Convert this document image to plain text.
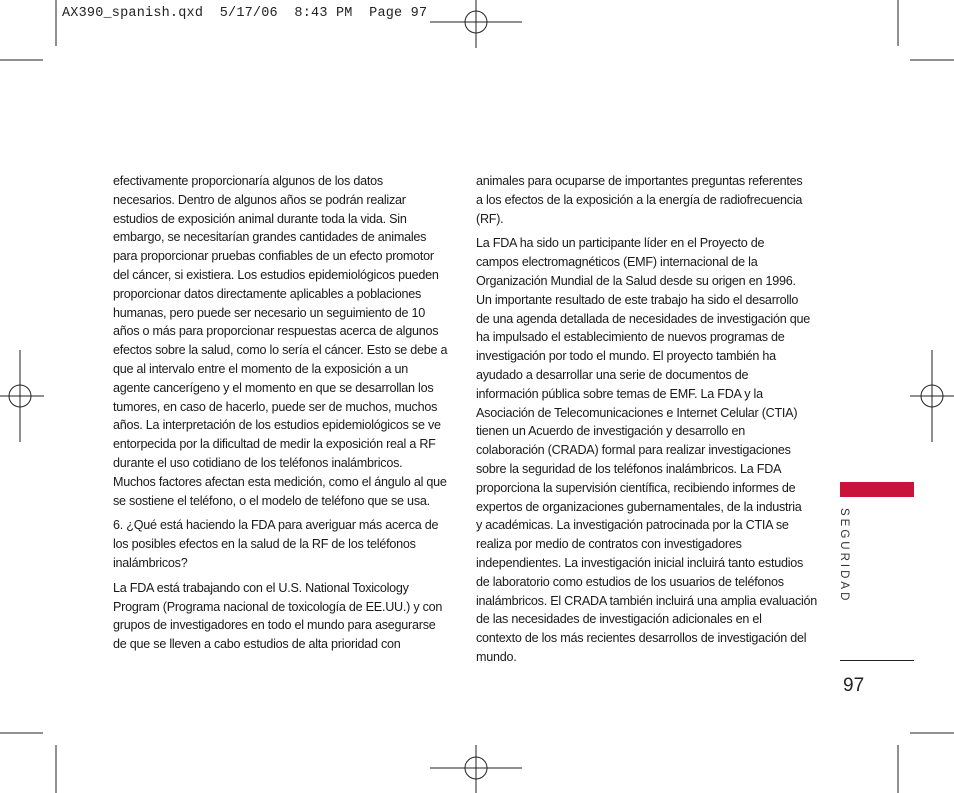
AX390_spanish.qxd  5/17/06  8:43 PM  Page 97

efectivamente proporcionaría algunos de los datos
necesarios. Dentro de algunos años se podrán realizar
estudios de exposición animal durante toda la vida. Sin
embargo, se necesitarían grandes cantidades de animales
para proporcionar pruebas confiables de un efecto promotor
del cáncer, si existiera. Los estudios epidemiológicos pueden
proporcionar datos directamente aplicables a poblaciones
humanas, pero puede ser necesario un seguimiento de 10
años o más para proporcionar respuestas acerca de algunos
efectos sobre la salud, como lo sería el cáncer. Esto se debe a
que al intervalo entre el momento de la exposición a un
agente cancerígeno y el momento en que se desarrollan los
tumores, en caso de hacerlo, puede ser de muchos, muchos
años. La interpretación de los estudios epidemiológicos se ve
entorpecida por la dificultad de medir la exposición real a RF
durante el uso cotidiano de los teléfonos inalámbricos.
Muchos factores afectan esta medición, como el ángulo al que
se sostiene el teléfono, o el modelo de teléfono que se usa.

6. ¿Qué está haciendo la FDA para averiguar más acerca de
los posibles efectos en la salud de la RF de los teléfonos
inalámbricos?

La FDA está trabajando con el U.S. National Toxicology
Program (Programa nacional de toxicología de EE.UU.) y con
grupos de investigadores en todo el mundo para asegurarse
de que se lleven a cabo estudios de alta prioridad con

animales para ocuparse de importantes preguntas referentes
a los efectos de la exposición a la energía de radiofrecuencia
(RF).

La FDA ha sido un participante líder en el Proyecto de
campos electromagnéticos (EMF) internacional de la
Organización Mundial de la Salud desde su origen en 1996.
Un importante resultado de este trabajo ha sido el desarrollo
de una agenda detallada de necesidades de investigación que
ha impulsado el establecimiento de nuevos programas de
investigación por todo el mundo. El proyecto también ha
ayudado a desarrollar una serie de documentos de
información pública sobre temas de EMF. La FDA y la
Asociación de Telecomunicaciones e Internet Celular (CTIA)
tienen un Acuerdo de investigación y desarrollo en
colaboración (CRADA) formal para realizar investigaciones
sobre la seguridad de los teléfonos inalámbricos. La FDA
proporciona la supervisión científica, recibiendo informes de
expertos de organizaciones gubernamentales, de la industria
y académicas. La investigación patrocinada por la CTIA se
realiza por medio de contratos con investigadores
independientes. La investigación inicial incluirá tanto estudios
de laboratorio como estudios de los usuarios de teléfonos
inalámbricos. El CRADA también incluirá una amplia evaluación
de las necesidades de investigación adicionales en el
contexto de los más recientes desarrollos de investigación del
mundo.

SEGURIDAD
97
